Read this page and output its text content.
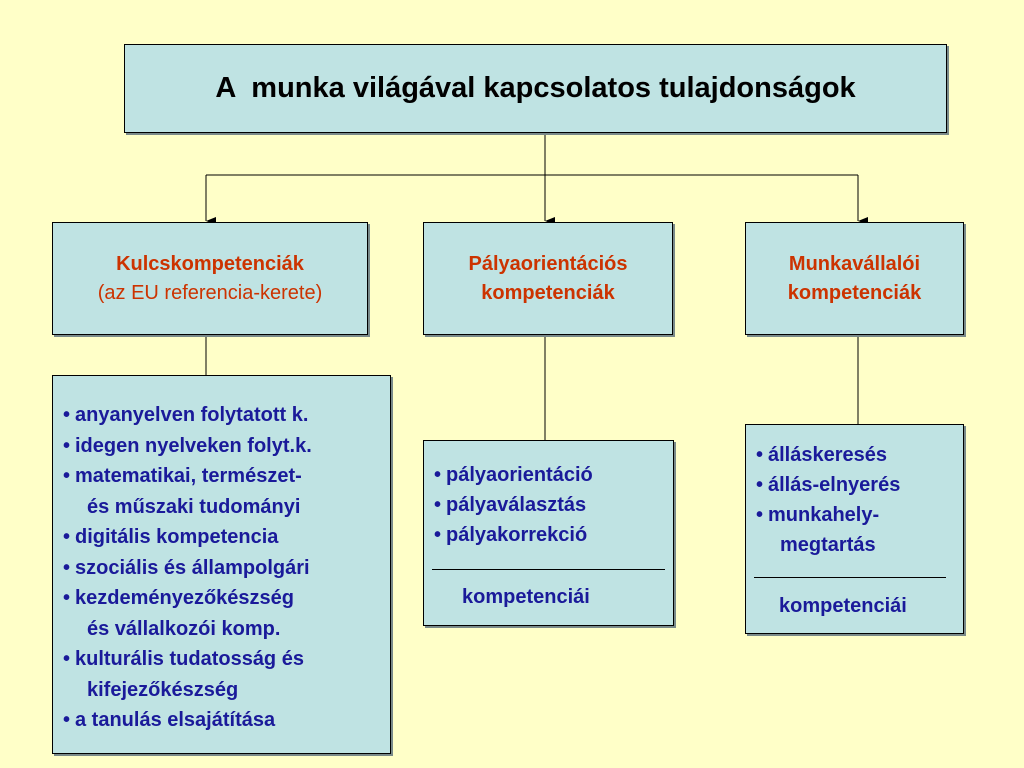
A  munka világával kapcsolatos tulajdonságok
Kulcskompetenciák
(az EU referencia-kerete)
Pályaorientációs
kompetenciák
Munkavállalói
kompetenciák
• anyanyelven folytatott k.
• idegen nyelveken folyt.k.
• matematikai, természet-
és műszaki tudományi
• digitális kompetencia
• szociális és állampolgári
• kezdeményezőkészség
és vállalkozói komp.
• kulturális tudatosság és
kifejezőkészség
• a tanulás elsajátítása
• pályaorientáció
• pályaválasztás
• pályakorrekció
kompetenciái
• álláskeresés
• állás-elnyerés
• munkahely-
megtartás
kompetenciái
